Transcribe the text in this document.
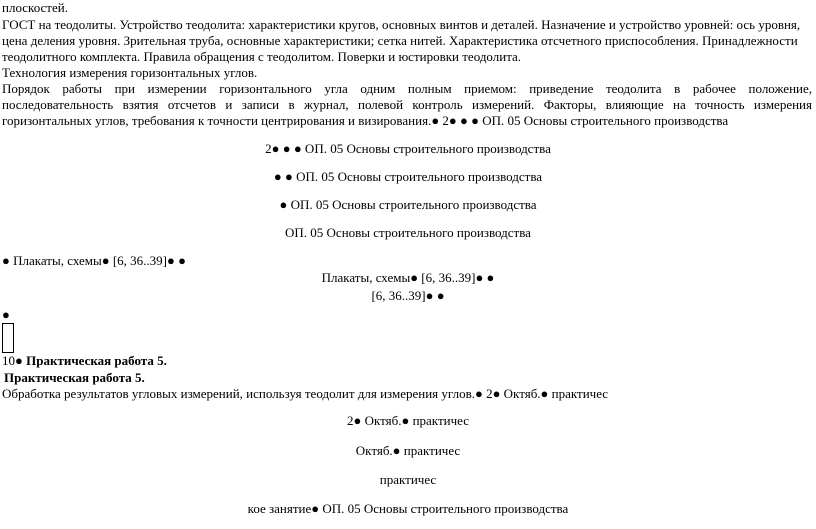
плоскостей.
ГОСТ на теодолиты. Устройство теодолита: характеристики кругов, основных винтов и деталей. Назначение и устройство уровней: ось уровня,
цена деления уровня. Зрительная труба, основные характеристики; сетка нитей. Характеристика отсчетного приспособления. Принадлежности
теодолитного комплекта. Правила обращения с теодолитом. Поверки и юстировки теодолита.
Технология измерения горизонтальных углов.
Порядок работы при измерении горизонтального угла одним полным приемом: приведение теодолита в рабочее положение,
последовательность взятия отсчетов и записи в журнал, полевой контроль измерений. Факторы, влияющие на точность измерения
горизонтальных углов, требования к точности центрирования и визирования.● 2● ● ● ОП. 05 Основы строительного производства
2● ● ● ОП. 05 Основы строительного производства
● ● ОП. 05 Основы строительного производства
● ОП. 05 Основы строительного производства
ОП. 05 Основы строительного производства
● Плакаты, схемы● [6, 36..39]● ●
Плакаты, схемы● [6, 36..39]● ●
[6, 36..39]● ●
●
10● Практическая работа 5.
Практическая работа 5.
Обработка результатов угловых измерений, используя теодолит для измерения углов.● 2● Октяб.● практичес
2● Октяб.● практичес
Октяб.● практичес
практичес
кое занятие● ОП. 05 Основы строительного производства
